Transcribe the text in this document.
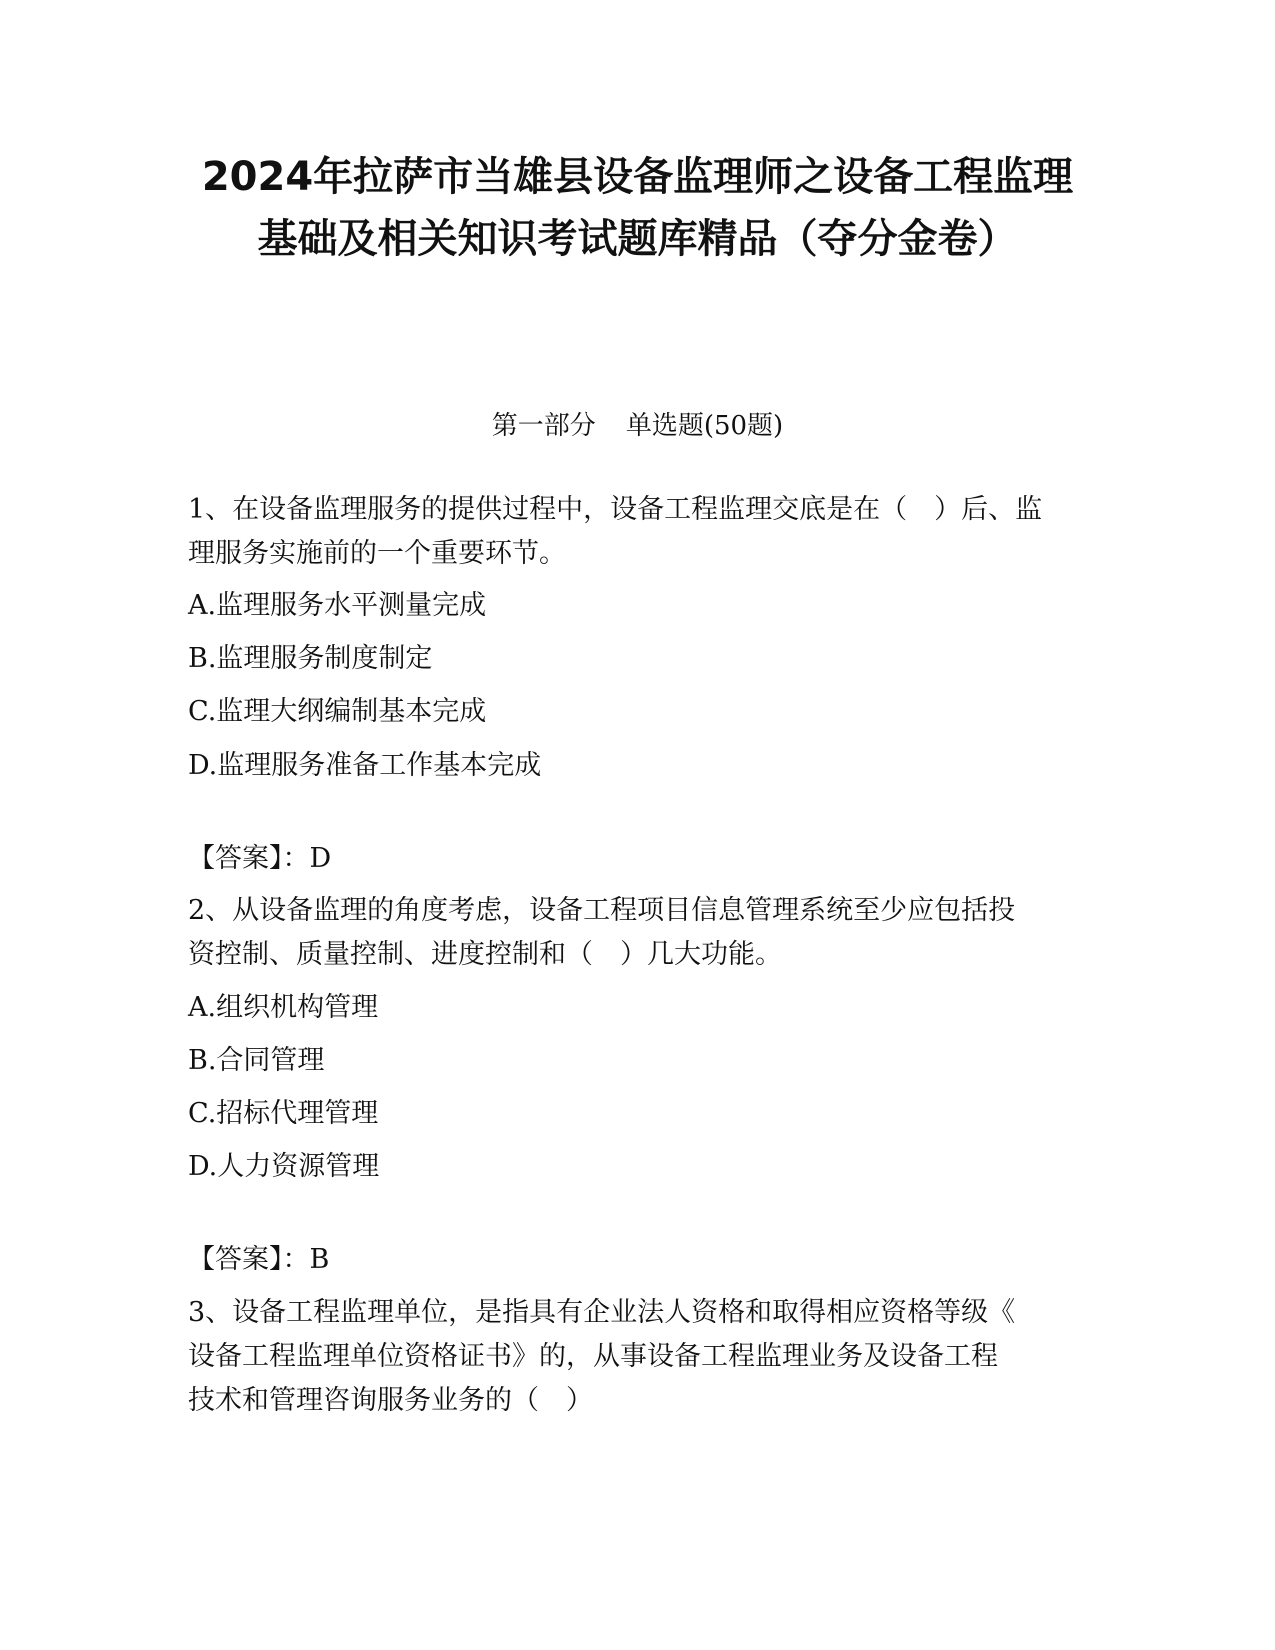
2024年拉萨市当雄县设备监理师之设备工程监理
基础及相关知识考试题库精品（夺分金卷）

第一部分 单选题(50题)

1、在设备监理服务的提供过程中，设备工程监理交底是在（　）后、监

理服务实施前的一个重要环节。

A.监理服务水平测量完成

B.监理服务制度制定

C.监理大纲编制基本完成

D.监理服务准备工作基本完成

【答案】：D

2、从设备监理的角度考虑，设备工程项目信息管理系统至少应包括投

资控制、质量控制、进度控制和（　）几大功能。

A.组织机构管理

B.合同管理

C.招标代理管理

D.人力资源管理

【答案】：B

3、设备工程监理单位，是指具有企业法人资格和取得相应资格等级《

设备工程监理单位资格证书》的，从事设备工程监理业务及设备工程

技术和管理咨询服务业务的（　）
